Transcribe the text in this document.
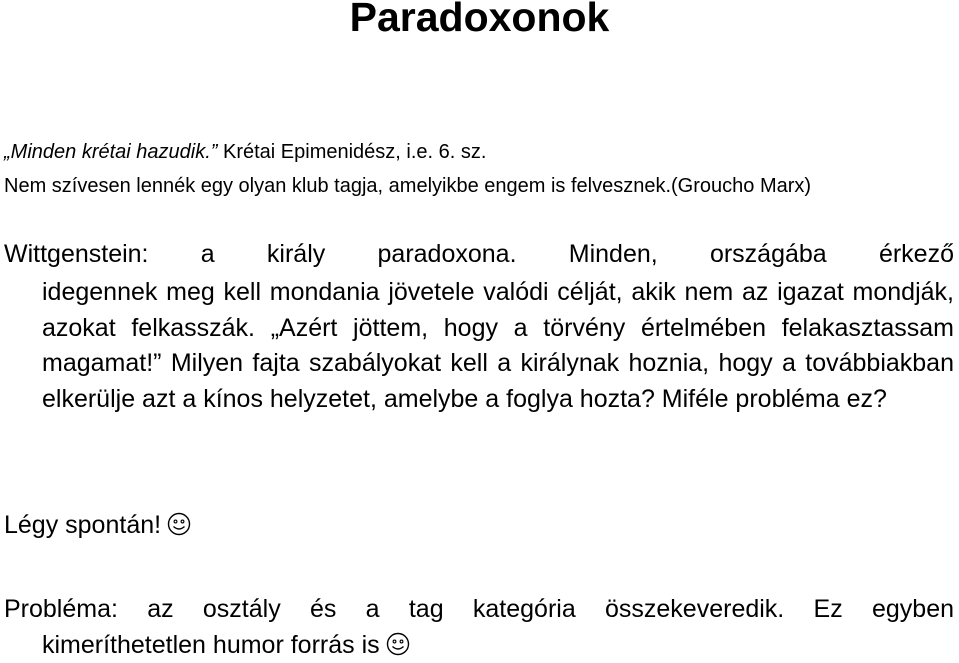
Paradoxonok

„Minden krétai hazudik.” Krétai Epimenidész, i.e. 6. sz.

Nem szívesen lennék egy olyan klub tagja, amelyikbe engem is felvesznek.(Groucho Marx)

Wittgenstein: a király paradoxona. Minden, országába érkező

idegennek meg kell mondania jövetele valódi célját, akik nem az igazat mondják, azokat felkasszák. „Azért jöttem, hogy a törvény értelmében felakasztassam magamat!” Milyen fajta szabályokat kell a királynak hoznia, hogy a továbbiakban elkerülje azt a kínos helyzetet, amelybe a foglya hozta? Miféle probléma ez?

Légy spontán!

Probléma: az osztály és a tag kategória összekeveredik. Ez egyben
kimeríthetetlen humor forrás is
